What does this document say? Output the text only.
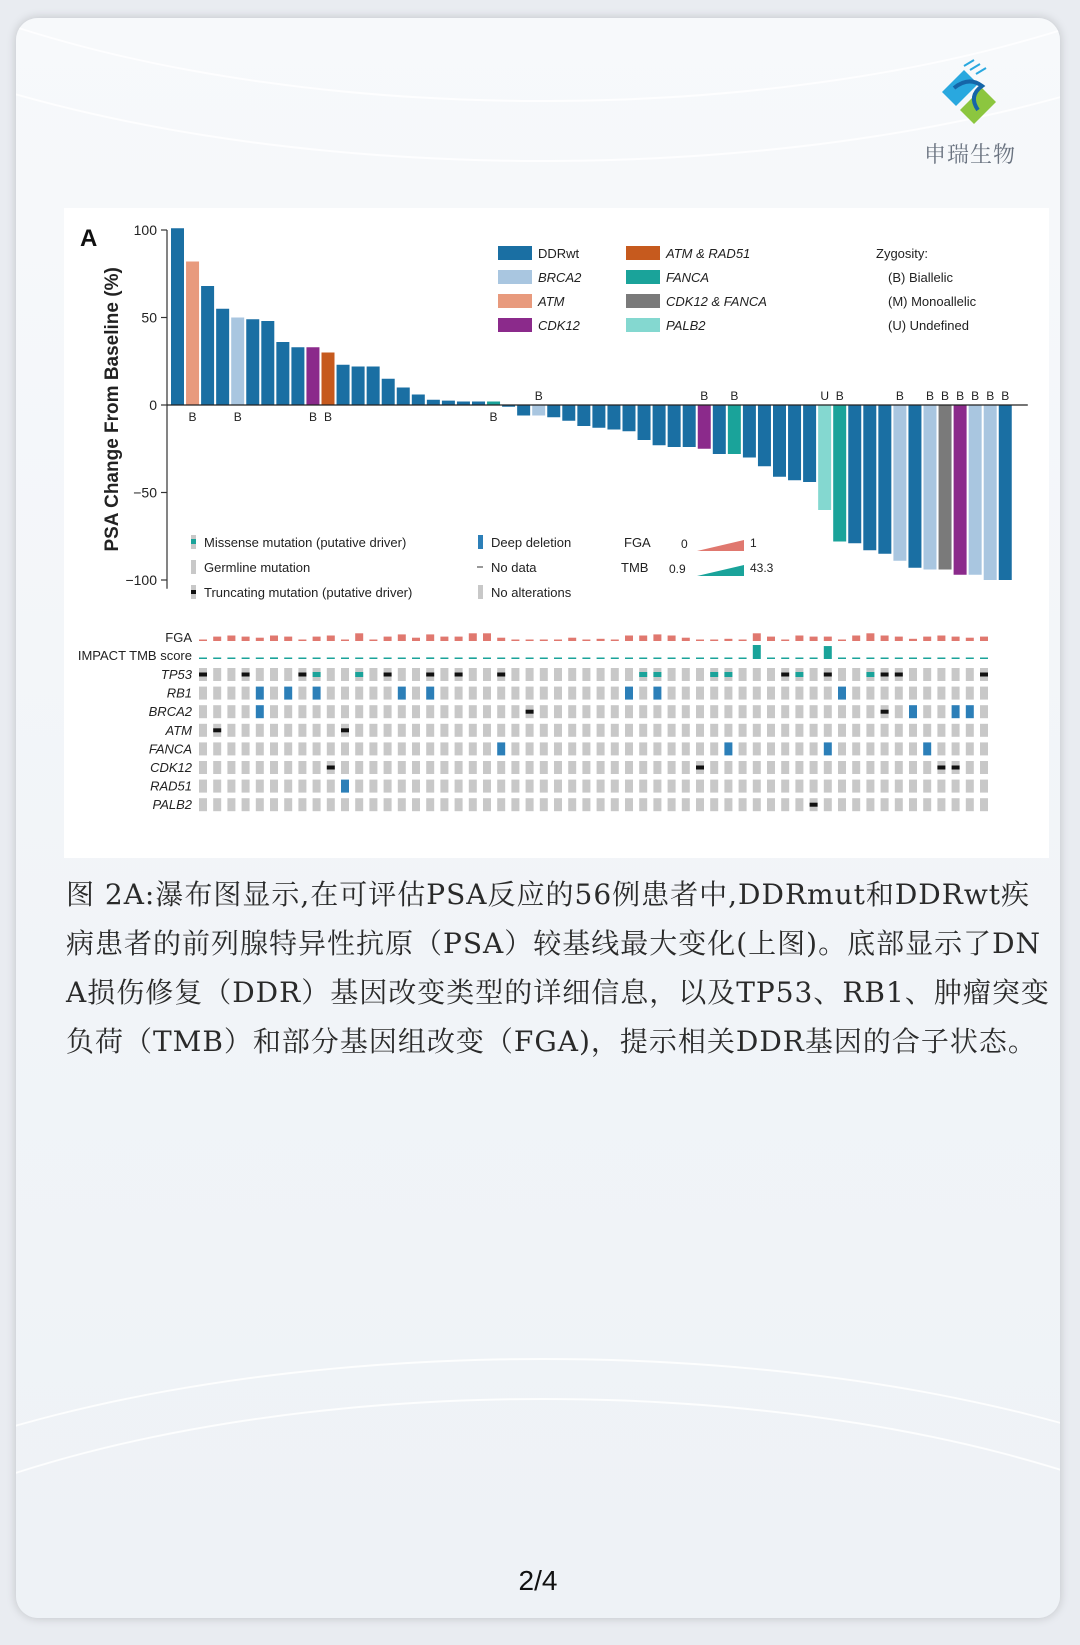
申瑞生物
A	100
50
0
−50
−100
PSA Change From Baseline (%)	B	B	B B	B
B	B B	U B	B B B B B B B
DDRwt
BRCA2
ATM
CDK12
ATM & RAD51
FANCA
CDK12 & FANCA
PALB2
Zygosity:
(B) Biallelic
(M) Monoallelic
(U) Undefined
Missense mutation (putative driver)
Germline mutation
Truncating mutation (putative driver)
Deep deletion
No data
No alterations
FGA	0	1
TMB 0.9	43.3
FGA
IMPACT TMB score
TP53
RB1
BRCA2
ATM
FANCA
CDK12
RAD51
PALB2
图 2A:瀑布图显示,在可评估PSA反应的56例患者中,DDRmut和DDRwt疾病患者的前列腺特异性抗原（PSA）较基线最大变化(上图)。底部显示了DNA损伤修复（DDR）基因改变类型的详细信息，以及TP53、RB1、肿瘤突变负荷（TMB）和部分基因组改变（FGA)，提示相关DDR基因的合子状态。
2/4
